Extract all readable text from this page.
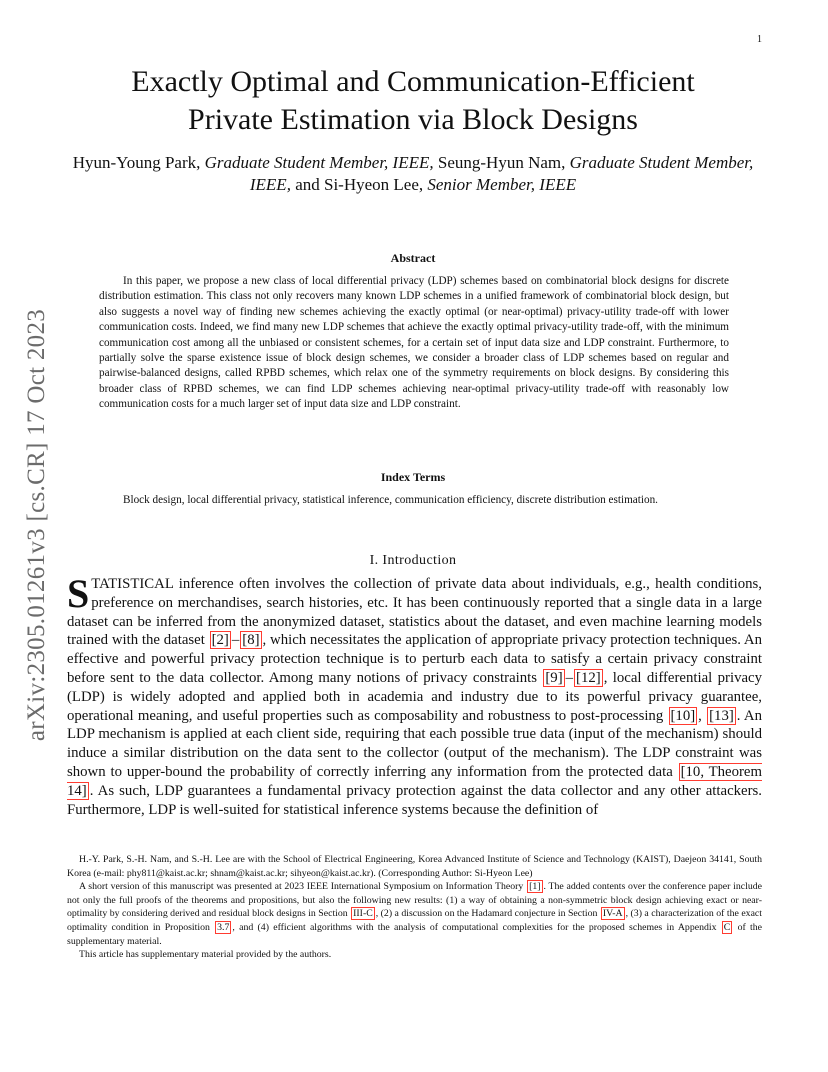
1
arXiv:2305.01261v3 [cs.CR] 17 Oct 2023
Exactly Optimal and Communication-Efficient
Private Estimation via Block Designs
Hyun-Young Park, Graduate Student Member, IEEE, Seung-Hyun Nam, Graduate Student Member, IEEE, and Si-Hyeon Lee, Senior Member, IEEE
Abstract

In this paper, we propose a new class of local differential privacy (LDP) schemes based on combinatorial block designs for discrete distribution estimation. This class not only recovers many known LDP schemes in a unified framework of combinatorial block design, but also suggests a novel way of finding new schemes achieving the exactly optimal (or near-optimal) privacy-utility trade-off with lower communication costs. Indeed, we find many new LDP schemes that achieve the exactly optimal privacy-utility trade-off, with the minimum communication cost among all the unbiased or consistent schemes, for a certain set of input data size and LDP constraint. Furthermore, to partially solve the sparse existence issue of block design schemes, we consider a broader class of LDP schemes based on regular and pairwise-balanced designs, called RPBD schemes, which relax one of the symmetry requirements on block designs. By considering this broader class of RPBD schemes, we can find LDP schemes achieving near-optimal privacy-utility trade-off with reasonably low communication costs for a much larger set of input data size and LDP constraint.

Index Terms

Block design, local differential privacy, statistical inference, communication efficiency, discrete distribution estimation.

I. Introduction

STATISTICAL inference often involves the collection of private data about individuals, e.g., health conditions, preference on merchandises, search histories, etc. It has been continuously reported that a single data in a large dataset can be inferred from the anonymized dataset, statistics about the dataset, and even machine learning models trained with the dataset [2] – [8] , which necessitates the application of appropriate privacy protection techniques. An effective and powerful privacy protection technique is to perturb each data to satisfy a certain privacy constraint before sent to the data collector. Among many notions of privacy constraints [9] – [12] , local differential privacy (LDP) is widely adopted and applied both in academia and industry due to its powerful privacy guarantee, operational meaning, and useful properties such as composability and robustness to post-processing [10] , [13] . An LDP mechanism is applied at each client side, requiring that each possible true data (input of the mechanism) should induce a similar distribution on the data sent to the collector (output of the mechanism). The LDP constraint was shown to upper-bound the probability of correctly inferring any information from the protected data [10, Theorem 14] . As such, LDP guarantees a fundamental privacy protection against the data collector and any other attackers. Furthermore, LDP is well-suited for statistical inference systems because the definition of

H.-Y. Park, S.-H. Nam, and S.-H. Lee are with the School of Electrical Engineering, Korea Advanced Institute of Science and Technology (KAIST), Daejeon 34141, South Korea (e-mail: phy811@kaist.ac.kr; shnam@kaist.ac.kr; sihyeon@kaist.ac.kr). (Corresponding Author: Si-Hyeon Lee)

A short version of this manuscript was presented at 2023 IEEE International Symposium on Information Theory [1] . The added contents over the conference paper include not only the full proofs of the theorems and propositions, but also the following new results: (1) a way of obtaining a non-symmetric block design achieving exact or near-optimality by considering derived and residual block designs in Section III-C , (2) a discussion on the Hadamard conjecture in Section IV-A , (3) a characterization of the exact optimality condition in Proposition 3.7 , and (4) efficient algorithms with the analysis of computational complexities for the proposed schemes in Appendix C of the supplementary material.

This article has supplementary material provided by the authors.
